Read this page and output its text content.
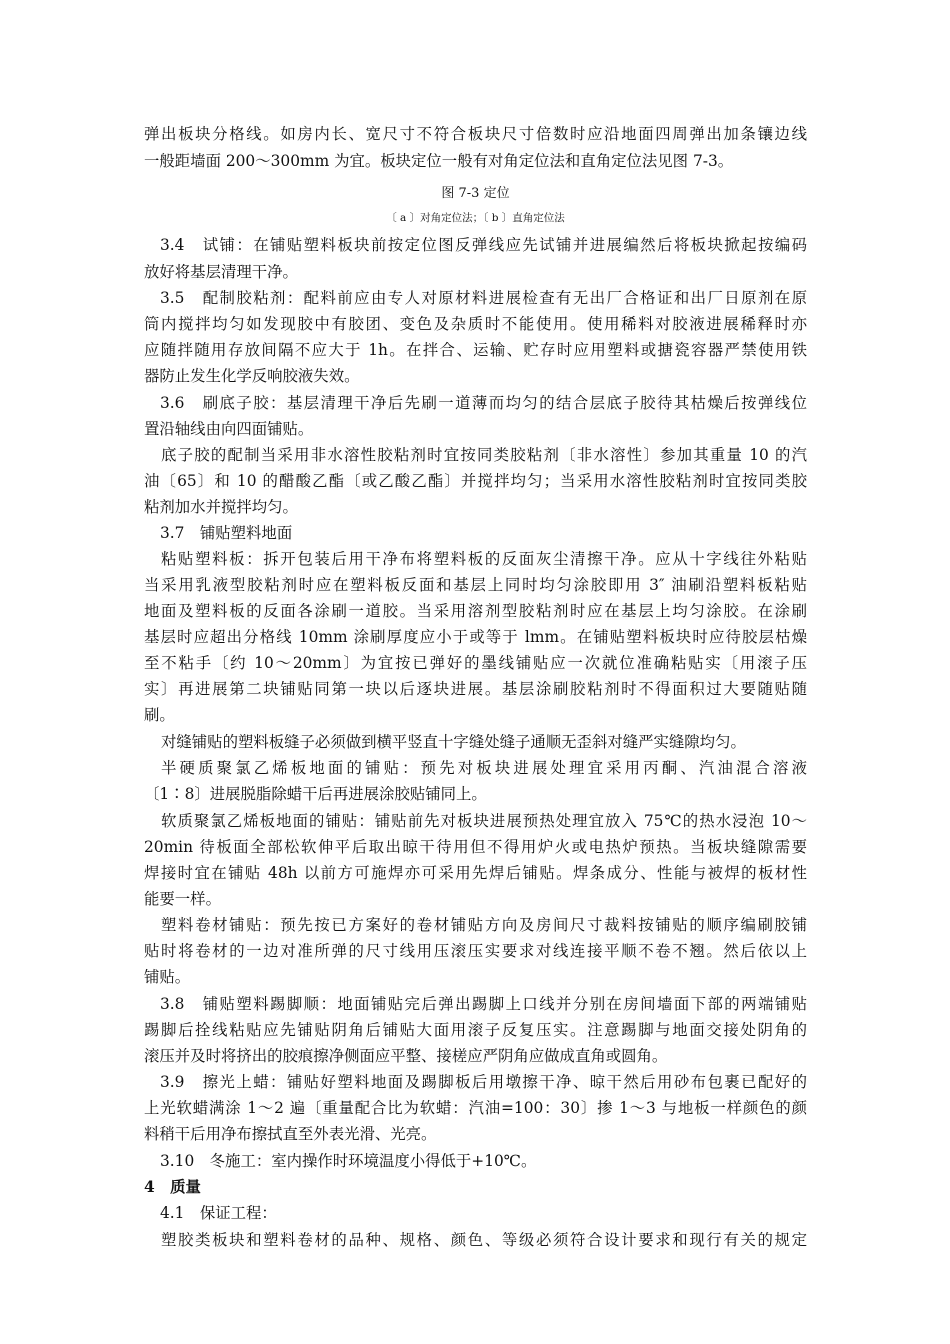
弹出板块分格线。如房内长、宽尺寸不符合板块尺寸倍数时应沿地面四周弹出加条镶边线
一般距墙面 200～300mm 为宜。板块定位一般有对角定位法和直角定位法见图 7-3。
图 7-3 定位
〔 a 〕对角定位法；〔 b 〕直角定位法
3.4　试铺：在铺贴塑料板块前按定位图反弹线应先试铺并进展编然后将板块掀起按编码
放好将基层清理干净。
3.5　配制胶粘剂：配料前应由专人对原材料进展检查有无出厂合格证和出厂日原剂在原
筒内搅拌均匀如发现胶中有胶团、变色及杂质时不能使用。使用稀料对胶液进展稀释时亦
应随拌随用存放间隔不应大于 1h。在拌合、运输、贮存时应用塑料或搪瓷容器严禁使用铁
器防止发生化学反响胶液失效。
3.6　刷底子胶：基层清理干净后先刷一道薄而均匀的结合层底子胶待其枯燥后按弹线位
置沿轴线由向四面铺贴。
底子胶的配制当采用非水溶性胶粘剂时宜按同类胶粘剂〔非水溶性〕参加其重量 10 的汽
油〔65〕和 10 的醋酸乙酯〔或乙酸乙酯〕并搅拌均匀；当采用水溶性胶粘剂时宜按同类胶
粘剂加水并搅拌均匀。
3.7　铺贴塑料地面
粘贴塑料板：拆开包装后用干净布将塑料板的反面灰尘清擦干净。应从十字线往外粘贴
当采用乳液型胶粘剂时应在塑料板反面和基层上同时均匀涂胶即用 3″ 油刷沿塑料板粘贴
地面及塑料板的反面各涂刷一道胶。当采用溶剂型胶粘剂时应在基层上均匀涂胶。在涂刷
基层时应超出分格线 10mm 涂刷厚度应小于或等于 lmm。在铺贴塑料板块时应待胶层枯燥
至不粘手〔约 10～20mm〕为宜按已弹好的墨线铺贴应一次就位准确粘贴实〔用滚子压
实〕再进展第二块铺贴同第一块以后逐块进展。基层涂刷胶粘剂时不得面积过大要随贴随
刷。
对缝铺贴的塑料板缝子必须做到横平竖直十字缝处缝子通顺无歪斜对缝严实缝隙均匀。
半硬质聚氯乙烯板地面的铺贴：预先对板块进展处理宜采用丙酮、汽油混合溶液
〔1∶8〕进展脱脂除蜡干后再进展涂胶贴铺同上。
软质聚氯乙烯板地面的铺贴：铺贴前先对板块进展预热处理宜放入 75℃的热水浸泡 10～
20min 待板面全部松软伸平后取出晾干待用但不得用炉火或电热炉预热。当板块缝隙需要
焊接时宜在铺贴 48h 以前方可施焊亦可采用先焊后铺贴。焊条成分、性能与被焊的板材性
能要一样。
塑料卷材铺贴：预先按已方案好的卷材铺贴方向及房间尺寸裁料按铺贴的顺序编刷胶铺
贴时将卷材的一边对准所弹的尺寸线用压滚压实要求对线连接平顺不卷不翘。然后依以上
铺贴。
3.8　铺贴塑料踢脚顺：地面铺贴完后弹出踢脚上口线并分别在房间墙面下部的两端铺贴
踢脚后拴线粘贴应先铺贴阴角后铺贴大面用滚子反复压实。注意踢脚与地面交接处阴角的
滚压并及时将挤出的胶痕擦净侧面应平整、接槎应严阴角应做成直角或圆角。
3.9　擦光上蜡：铺贴好塑料地面及踢脚板后用墩擦干净、晾干然后用砂布包裹已配好的
上光软蜡满涂 1～2 遍〔重量配合比为软蜡：汽油=100：30〕掺 1～3 与地板一样颜色的颜
料稍干后用净布擦拭直至外表光滑、光亮。
3.10　冬施工：室内操作时环境温度小得低于+10℃。
4　质量
4.1　保证工程：
塑胶类板块和塑料卷材的品种、规格、颜色、等级必须符合设计要求和现行有关的规定
